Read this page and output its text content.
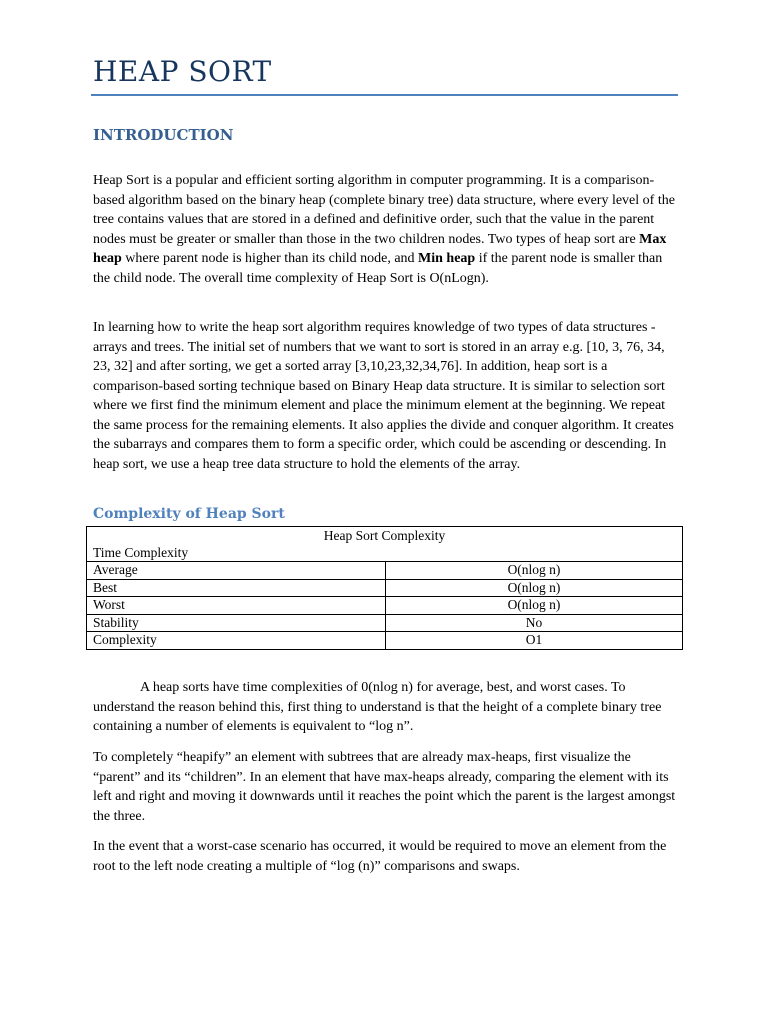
HEAP SORT
INTRODUCTION

Heap Sort is a popular and efficient sorting algorithm in computer programming. It is a comparison-based algorithm based on the binary heap (complete binary tree) data structure, where every level of the tree contains values that are stored in a defined and definitive order, such that the value in the parent nodes must be greater or smaller than those in the two children nodes. Two types of heap sort are Max heap where parent node is higher than its child node, and Min heap if the parent node is smaller than the child node. The overall time complexity of Heap Sort is O(nLogn).

In learning how to write the heap sort algorithm requires knowledge of two types of data structures - arrays and trees. The initial set of numbers that we want to sort is stored in an array e.g. [10, 3, 76, 34, 23, 32] and after sorting, we get a sorted array [3,10,23,32,34,76]. In addition, heap sort is a comparison-based sorting technique based on Binary Heap data structure. It is similar to selection sort where we first find the minimum element and place the minimum element at the beginning. We repeat the same process for the remaining elements. It also applies the divide and conquer algorithm. It creates the subarrays and compares them to form a specific order, which could be ascending or descending. In heap sort, we use a heap tree data structure to hold the elements of the array.

Complexity of Heap Sort
Heap Sort Complexity
Time Complexity	

Average	O(nlog n)
Best	O(nlog n)
Worst	O(nlog n)
Stability	No
Complexity	O1

A heap sorts have time complexities of 0(nlog n) for average, best, and worst cases. To understand the reason behind this, first thing to understand is that the height of a complete binary tree containing a number of elements is equivalent to “log n”.

To completely “heapify” an element with subtrees that are already max-heaps, first visualize the “parent” and its “children”. In an element that have max-heaps already, comparing the element with its left and right and moving it downwards until it reaches the point which the parent is the largest amongst the three.

In the event that a worst-case scenario has occurred, it would be required to move an element from the root to the left node creating a multiple of “log (n)” comparisons and swaps.
